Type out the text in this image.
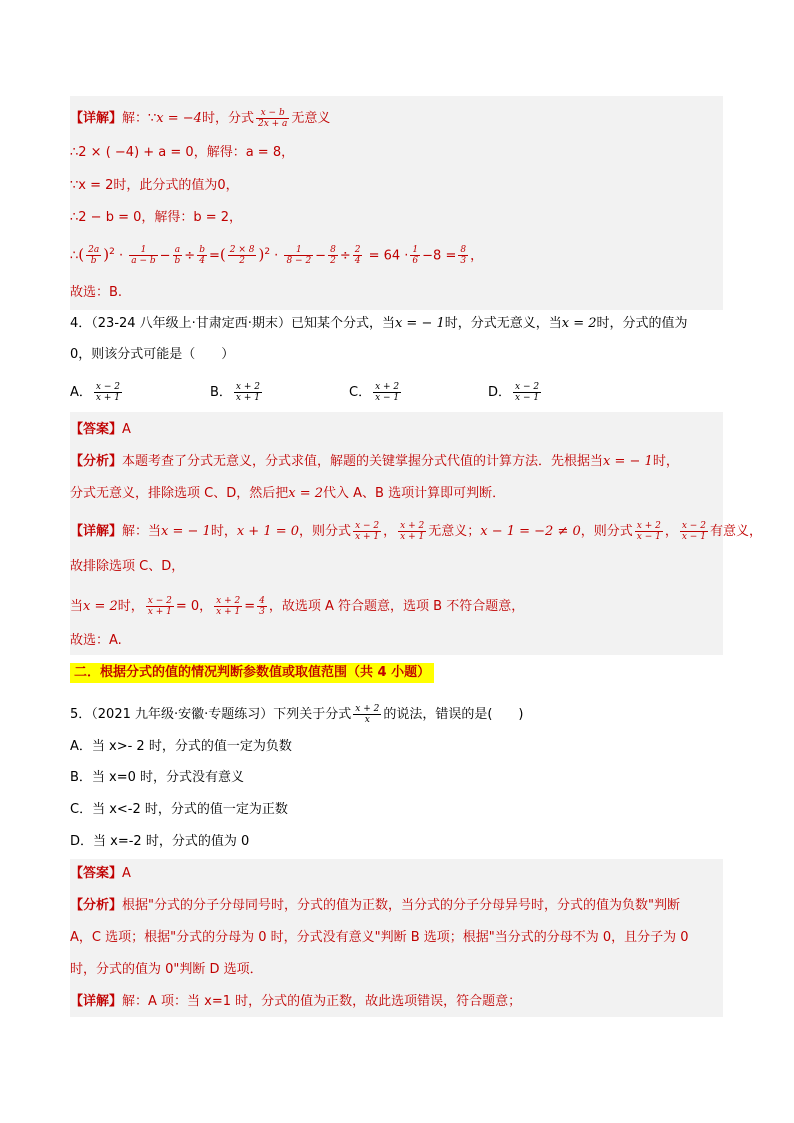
【详解】解：∵x = −4时，分式 $\frac{x - b}{2x + a}$ 无意义
∴2 × ( −4) + a = 0，解得：a = 8，
∵x = 2时，此分式的值为0，
∴2 − b = 0，解得：b = 2，
∴( $\frac{2a}{b} )^2 \cdot \frac{1}{a - b} - \frac{a}{b} \div \frac{b}{4}$ =( $\frac{2 \times 8}{2} )^2 \cdot \frac{1}{8 - 2} - \frac{8}{2} \div \frac{2}{4} = 64 \cdot \frac{1}{6} -8 = \frac{8}{3}$ ，
故选：B.
4．（23-24 八年级上·甘肃定西·期末）已知某个分式，当x = − 1时，分式无意义，当x = 2时，分式的值为
0，则该分式可能是（　　）
A． $\frac{x - 2}{x + 1}$	B． $\frac{x + 2}{x + 1}$	C． $\frac{x + 2}{x - 1}$	D． $\frac{x - 2}{x - 1}$
【答案】A
【分析】本题考查了分式无意义，分式求值，解题的关键掌握分式代值的计算方法．先根据当x = − 1时，
分式无意义，排除选项 C、D，然后把x = 2代入 A、B 选项计算即可判断．
【详解】解：当x = − 1时，x + 1 = 0，则分式 $\frac{x - 2}{x + 1}$ ， $\frac{x + 2}{x + 1}$ 无意义；x − 1 = −2 ≠ 0，则分式 $\frac{x + 2}{x - 1}$ ， $\frac{x - 2}{x - 1}$ 有意义，
故排除选项 C、D，
当x = 2时， $\frac{x - 2}{x + 1} = 0$， $\frac{x + 2}{x + 1} = \frac{4}{3}$ ，故选项 A 符合题意，选项 B 不符合题意，
故选：A.
二．根据分式的值的情况判断参数值或取值范围（共 4 小题）
5．（2021 九年级·安徽·专题练习）下列关于分式 $\frac{x + 2}{x}$ 的说法，错误的是(　　)
A．当 x>- 2 时，分式的值一定为负数
B．当 x=0 时，分式没有意义
C．当 x<-2 时，分式的值一定为正数
D．当 x=-2 时，分式的值为 0
【答案】A
【分析】根据"分式的分子分母同号时，分式的值为正数，当分式的分子分母异号时，分式的值为负数"判断
A，C 选项；根据"分式的分母为 0 时，分式没有意义"判断 B 选项；根据"当分式的分母不为 0，且分子为 0
时，分式的值为 0"判断 D 选项．
【详解】解：A 项：当 x=1 时，分式的值为正数，故此选项错误，符合题意；
